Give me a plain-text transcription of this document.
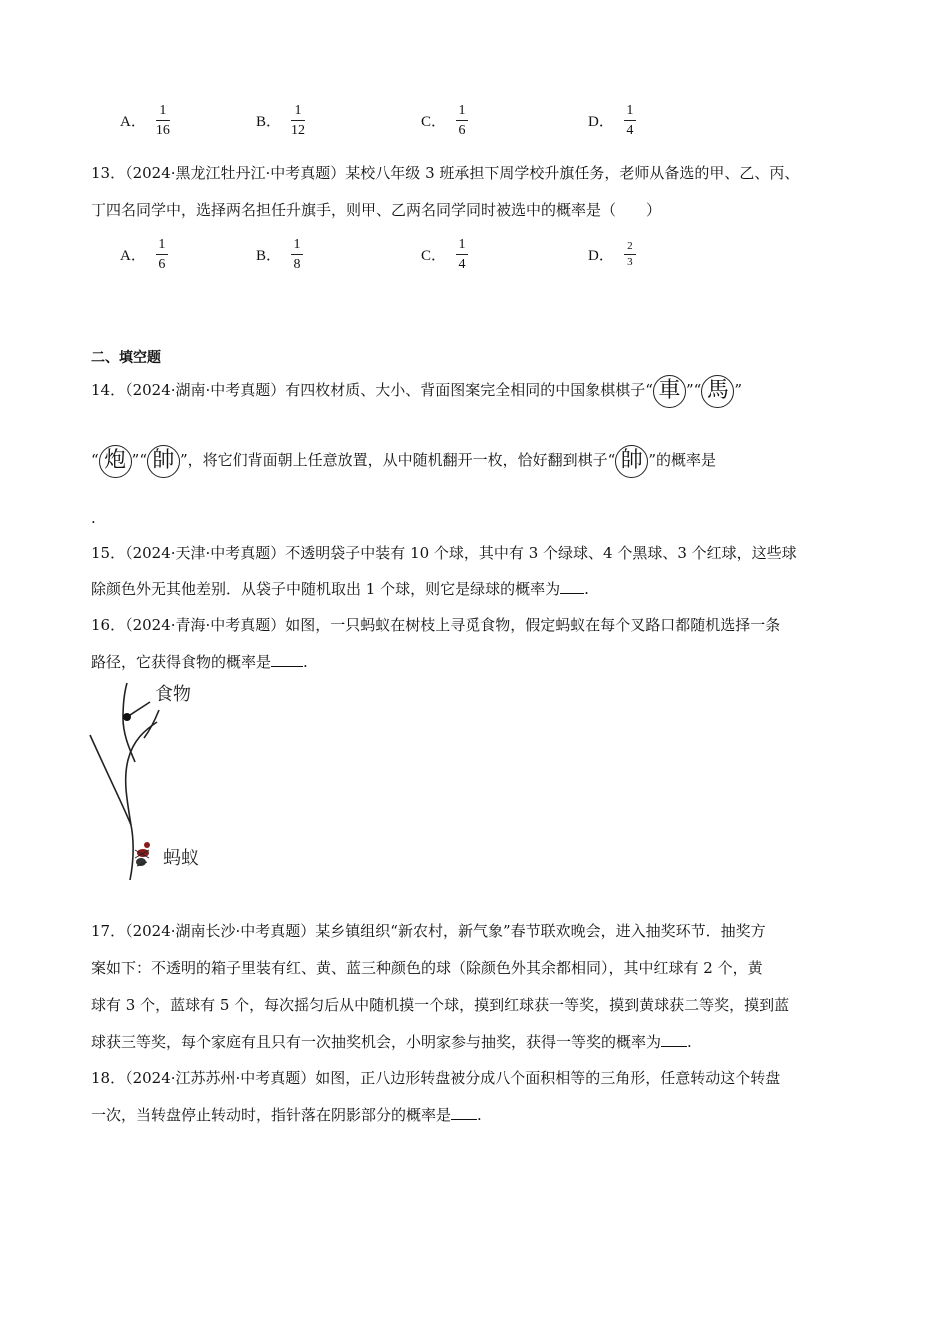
A． $\frac{1}{16}$	B． $\frac{1}{12}$	C． $\frac{1}{6}$	D． $\frac{1}{4}$
13．（2024·黑龙江牡丹江·中考真题）某校八年级 3 班承担下周学校升旗任务，老师从备选的甲、乙、丙、
丁四名同学中，选择两名担任升旗手，则甲、乙两名同学同时被选中的概率是（　　）
A． $\frac{1}{6}$	B． $\frac{1}{8}$	C． $\frac{1}{4}$	D． $\frac{2}{3}$
二、填空题
14．（2024·湖南·中考真题）有四枚材质、大小、背面图案完全相同的中国象棋棋子“ 車 ”“ 馬 ”
“ 炮 ”“ 帥 ”，将它们背面朝上任意放置，从中随机翻开一枚，恰好翻到棋子“ 帥 ”的概率是
.
15．（2024·天津·中考真题）不透明袋子中装有 10 个球，其中有 3 个绿球、4 个黑球、3 个红球，这些球
除颜色外无其他差别．从袋子中随机取出 1 个球，则它是绿球的概率为 .
16．（2024·青海·中考真题）如图，一只蚂蚁在树枝上寻觅食物，假定蚂蚁在每个叉路口都随机选择一条
路径，它获得食物的概率是 .
食物
蚂蚁
17．（2024·湖南长沙·中考真题）某乡镇组织“新农村，新气象”春节联欢晚会，进入抽奖环节．抽奖方
案如下：不透明的箱子里装有红、黄、蓝三种颜色的球（除颜色外其余都相同），其中红球有 2 个，黄
球有 3 个，蓝球有 5 个，每次摇匀后从中随机摸一个球，摸到红球获一等奖，摸到黄球获二等奖，摸到蓝
球获三等奖，每个家庭有且只有一次抽奖机会，小明家参与抽奖，获得一等奖的概率为 .
18．（2024·江苏苏州·中考真题）如图，正八边形转盘被分成八个面积相等的三角形，任意转动这个转盘
一次，当转盘停止转动时，指针落在阴影部分的概率是 .
